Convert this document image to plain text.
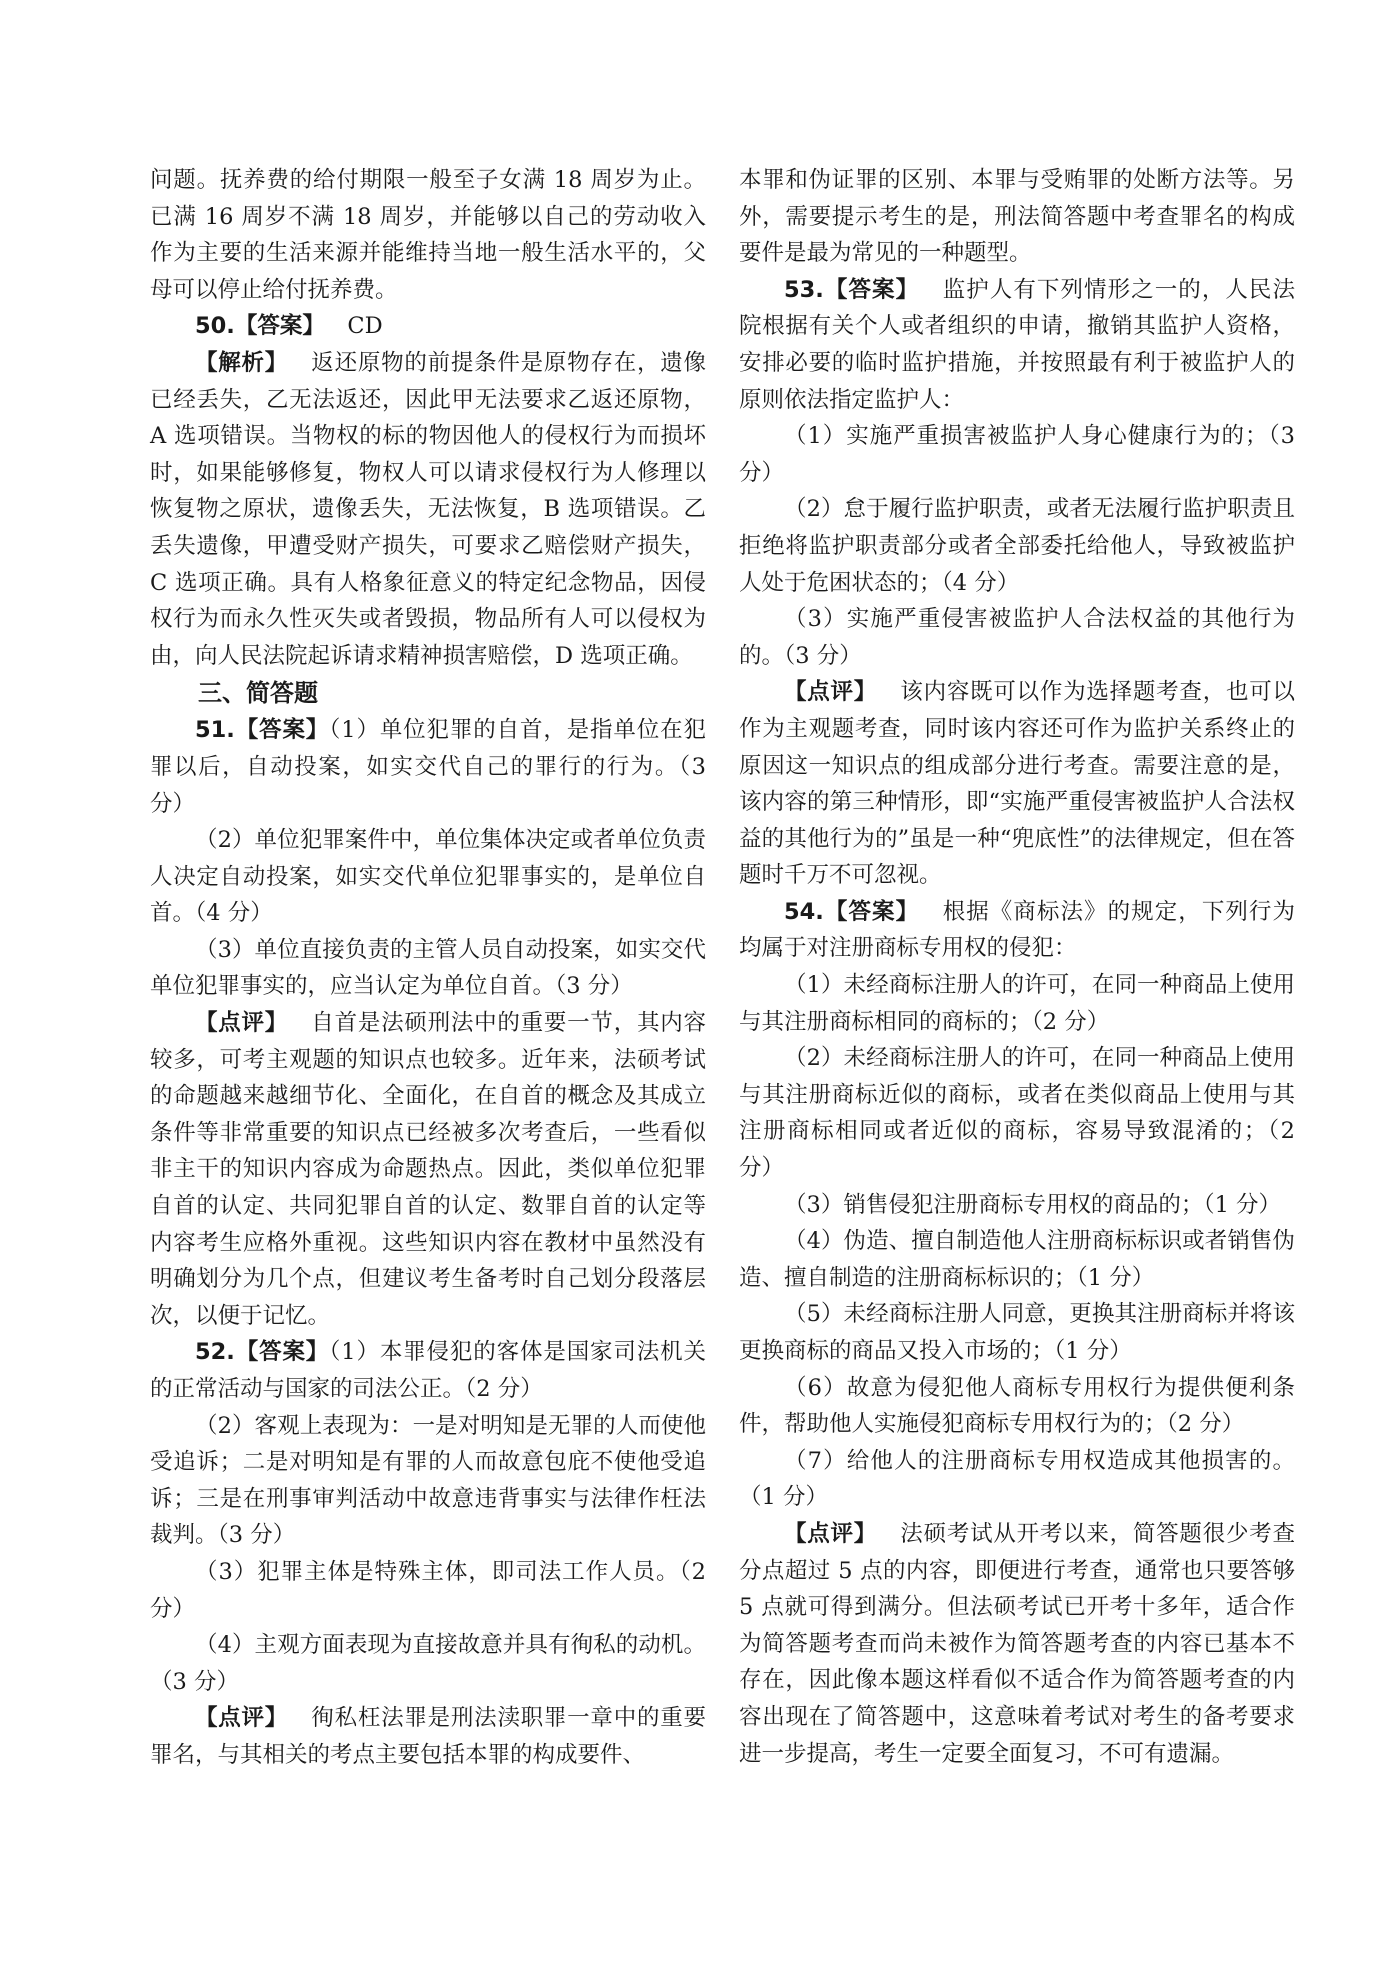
问题。抚养费的给付期限一般至子女满 18 周岁为止。已满 16 周岁不满 18 周岁，并能够以自己的劳动收入作为主要的生活来源并能维持当地一般生活水平的，父母可以停止给付抚养费。

50.【答案】 CD

【解析】 返还原物的前提条件是原物存在，遗像已经丢失，乙无法返还，因此甲无法要求乙返还原物，A 选项错误。当物权的标的物因他人的侵权行为而损坏时，如果能够修复，物权人可以请求侵权行为人修理以恢复物之原状，遗像丢失，无法恢复，B 选项错误。乙丢失遗像，甲遭受财产损失，可要求乙赔偿财产损失，C 选项正确。具有人格象征意义的特定纪念物品，因侵权行为而永久性灭失或者毁损，物品所有人可以侵权为由，向人民法院起诉请求精神损害赔偿，D 选项正确。

三、简答题

51.【答案】（1）单位犯罪的自首，是指单位在犯罪以后，自动投案，如实交代自己的罪行的行为。（3 分）

（2）单位犯罪案件中，单位集体决定或者单位负责人决定自动投案，如实交代单位犯罪事实的，是单位自首。（4 分）

（3）单位直接负责的主管人员自动投案，如实交代单位犯罪事实的，应当认定为单位自首。（3 分）

【点评】 自首是法硕刑法中的重要一节，其内容较多，可考主观题的知识点也较多。近年来，法硕考试的命题越来越细节化、全面化，在自首的概念及其成立条件等非常重要的知识点已经被多次考查后，一些看似非主干的知识内容成为命题热点。因此，类似单位犯罪自首的认定、共同犯罪自首的认定、数罪自首的认定等内容考生应格外重视。这些知识内容在教材中虽然没有明确划分为几个点，但建议考生备考时自己划分段落层次，以便于记忆。

52.【答案】（1）本罪侵犯的客体是国家司法机关的正常活动与国家的司法公正。（2 分）

（2）客观上表现为：一是对明知是无罪的人而使他受追诉；二是对明知是有罪的人而故意包庇不使他受追诉；三是在刑事审判活动中故意违背事实与法律作枉法裁判。（3 分）

（3）犯罪主体是特殊主体，即司法工作人员。（2 分）

（4）主观方面表现为直接故意并具有徇私的动机。（3 分）

【点评】 徇私枉法罪是刑法渎职罪一章中的重要罪名，与其相关的考点主要包括本罪的构成要件、

本罪和伪证罪的区别、本罪与受贿罪的处断方法等。另外，需要提示考生的是，刑法简答题中考查罪名的构成要件是最为常见的一种题型。

53.【答案】 监护人有下列情形之一的，人民法院根据有关个人或者组织的申请，撤销其监护人资格，安排必要的临时监护措施，并按照最有利于被监护人的原则依法指定监护人：

（1）实施严重损害被监护人身心健康行为的；（3 分）

（2）怠于履行监护职责，或者无法履行监护职责且拒绝将监护职责部分或者全部委托给他人，导致被监护人处于危困状态的；（4 分）

（3）实施严重侵害被监护人合法权益的其他行为的。（3 分）

【点评】 该内容既可以作为选择题考查，也可以作为主观题考查，同时该内容还可作为监护关系终止的原因这一知识点的组成部分进行考查。需要注意的是，该内容的第三种情形，即“实施严重侵害被监护人合法权益的其他行为的”虽是一种“兜底性”的法律规定，但在答题时千万不可忽视。

54.【答案】 根据《商标法》的规定，下列行为均属于对注册商标专用权的侵犯：

（1）未经商标注册人的许可，在同一种商品上使用与其注册商标相同的商标的；（2 分）

（2）未经商标注册人的许可，在同一种商品上使用与其注册商标近似的商标，或者在类似商品上使用与其注册商标相同或者近似的商标，容易导致混淆的；（2 分）

（3）销售侵犯注册商标专用权的商品的；（1 分）

（4）伪造、擅自制造他人注册商标标识或者销售伪造、擅自制造的注册商标标识的；（1 分）

（5）未经商标注册人同意，更换其注册商标并将该更换商标的商品又投入市场的；（1 分）

（6）故意为侵犯他人商标专用权行为提供便利条件，帮助他人实施侵犯商标专用权行为的；（2 分）

（7）给他人的注册商标专用权造成其他损害的。（1 分）

【点评】 法硕考试从开考以来，简答题很少考查分点超过 5 点的内容，即便进行考查，通常也只要答够 5 点就可得到满分。但法硕考试已开考十多年，适合作为简答题考查而尚未被作为简答题考查的内容已基本不存在，因此像本题这样看似不适合作为简答题考查的内容出现在了简答题中，这意味着考试对考生的备考要求进一步提高，考生一定要全面复习，不可有遗漏。
